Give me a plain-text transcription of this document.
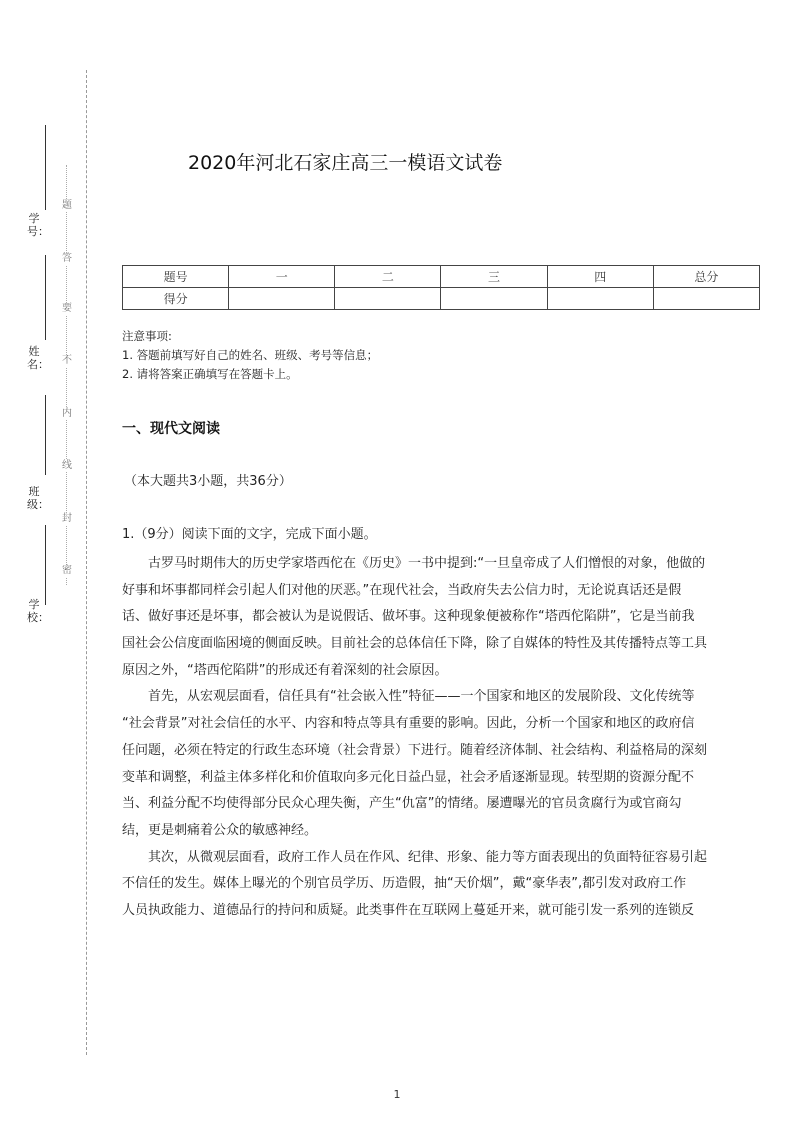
学号：
姓名：
班级：
学校：
题
答
要
不
内
线
封
密
2020年河北石家庄高三一模语文试卷
题号	一	二	三	四	总分
得分					
注意事项:
1. 答题前填写好自己的姓名、班级、考号等信息；
2. 请将答案正确填写在答题卡上。
一、现代文阅读
（本大题共3小题，共36分）
1.（9分）阅读下面的文字，完成下面小题。
古罗马时期伟大的历史学家塔西佗在《历史》一书中提到:“一旦皇帝成了人们憎恨的对象，他做的
好事和坏事都同样会引起人们对他的厌恶。”在现代社会，当政府失去公信力时，无论说真话还是假
话、做好事还是坏事，都会被认为是说假话、做坏事。这种现象便被称作“塔西佗陷阱”，它是当前我
国社会公信度面临困境的侧面反映。目前社会的总体信任下降，除了自媒体的特性及其传播特点等工具
原因之外，“塔西佗陷阱”的形成还有着深刻的社会原因。
首先，从宏观层面看，信任具有“社会嵌入性”特征——一个国家和地区的发展阶段、文化传统等
“社会背景”对社会信任的水平、内容和特点等具有重要的影响。因此，分析一个国家和地区的政府信
任问题，必须在特定的行政生态环境（社会背景）下进行。随着经济体制、社会结构、利益格局的深刻
变革和调整，利益主体多样化和价值取向多元化日益凸显，社会矛盾逐渐显现。转型期的资源分配不
当、利益分配不均使得部分民众心理失衡，产生“仇富”的情绪。屡遭曝光的官员贪腐行为或官商勾
结，更是刺痛着公众的敏感神经。
其次，从微观层面看，政府工作人员在作风、纪律、形象、能力等方面表现出的负面特征容易引起
不信任的发生。媒体上曝光的个别官员学历、历造假，抽“天价烟”，戴“豪华表”,都引发对政府工作
人员执政能力、道德品行的持问和质疑。此类事件在互联网上蔓延开来，就可能引发一系列的连锁反
1
